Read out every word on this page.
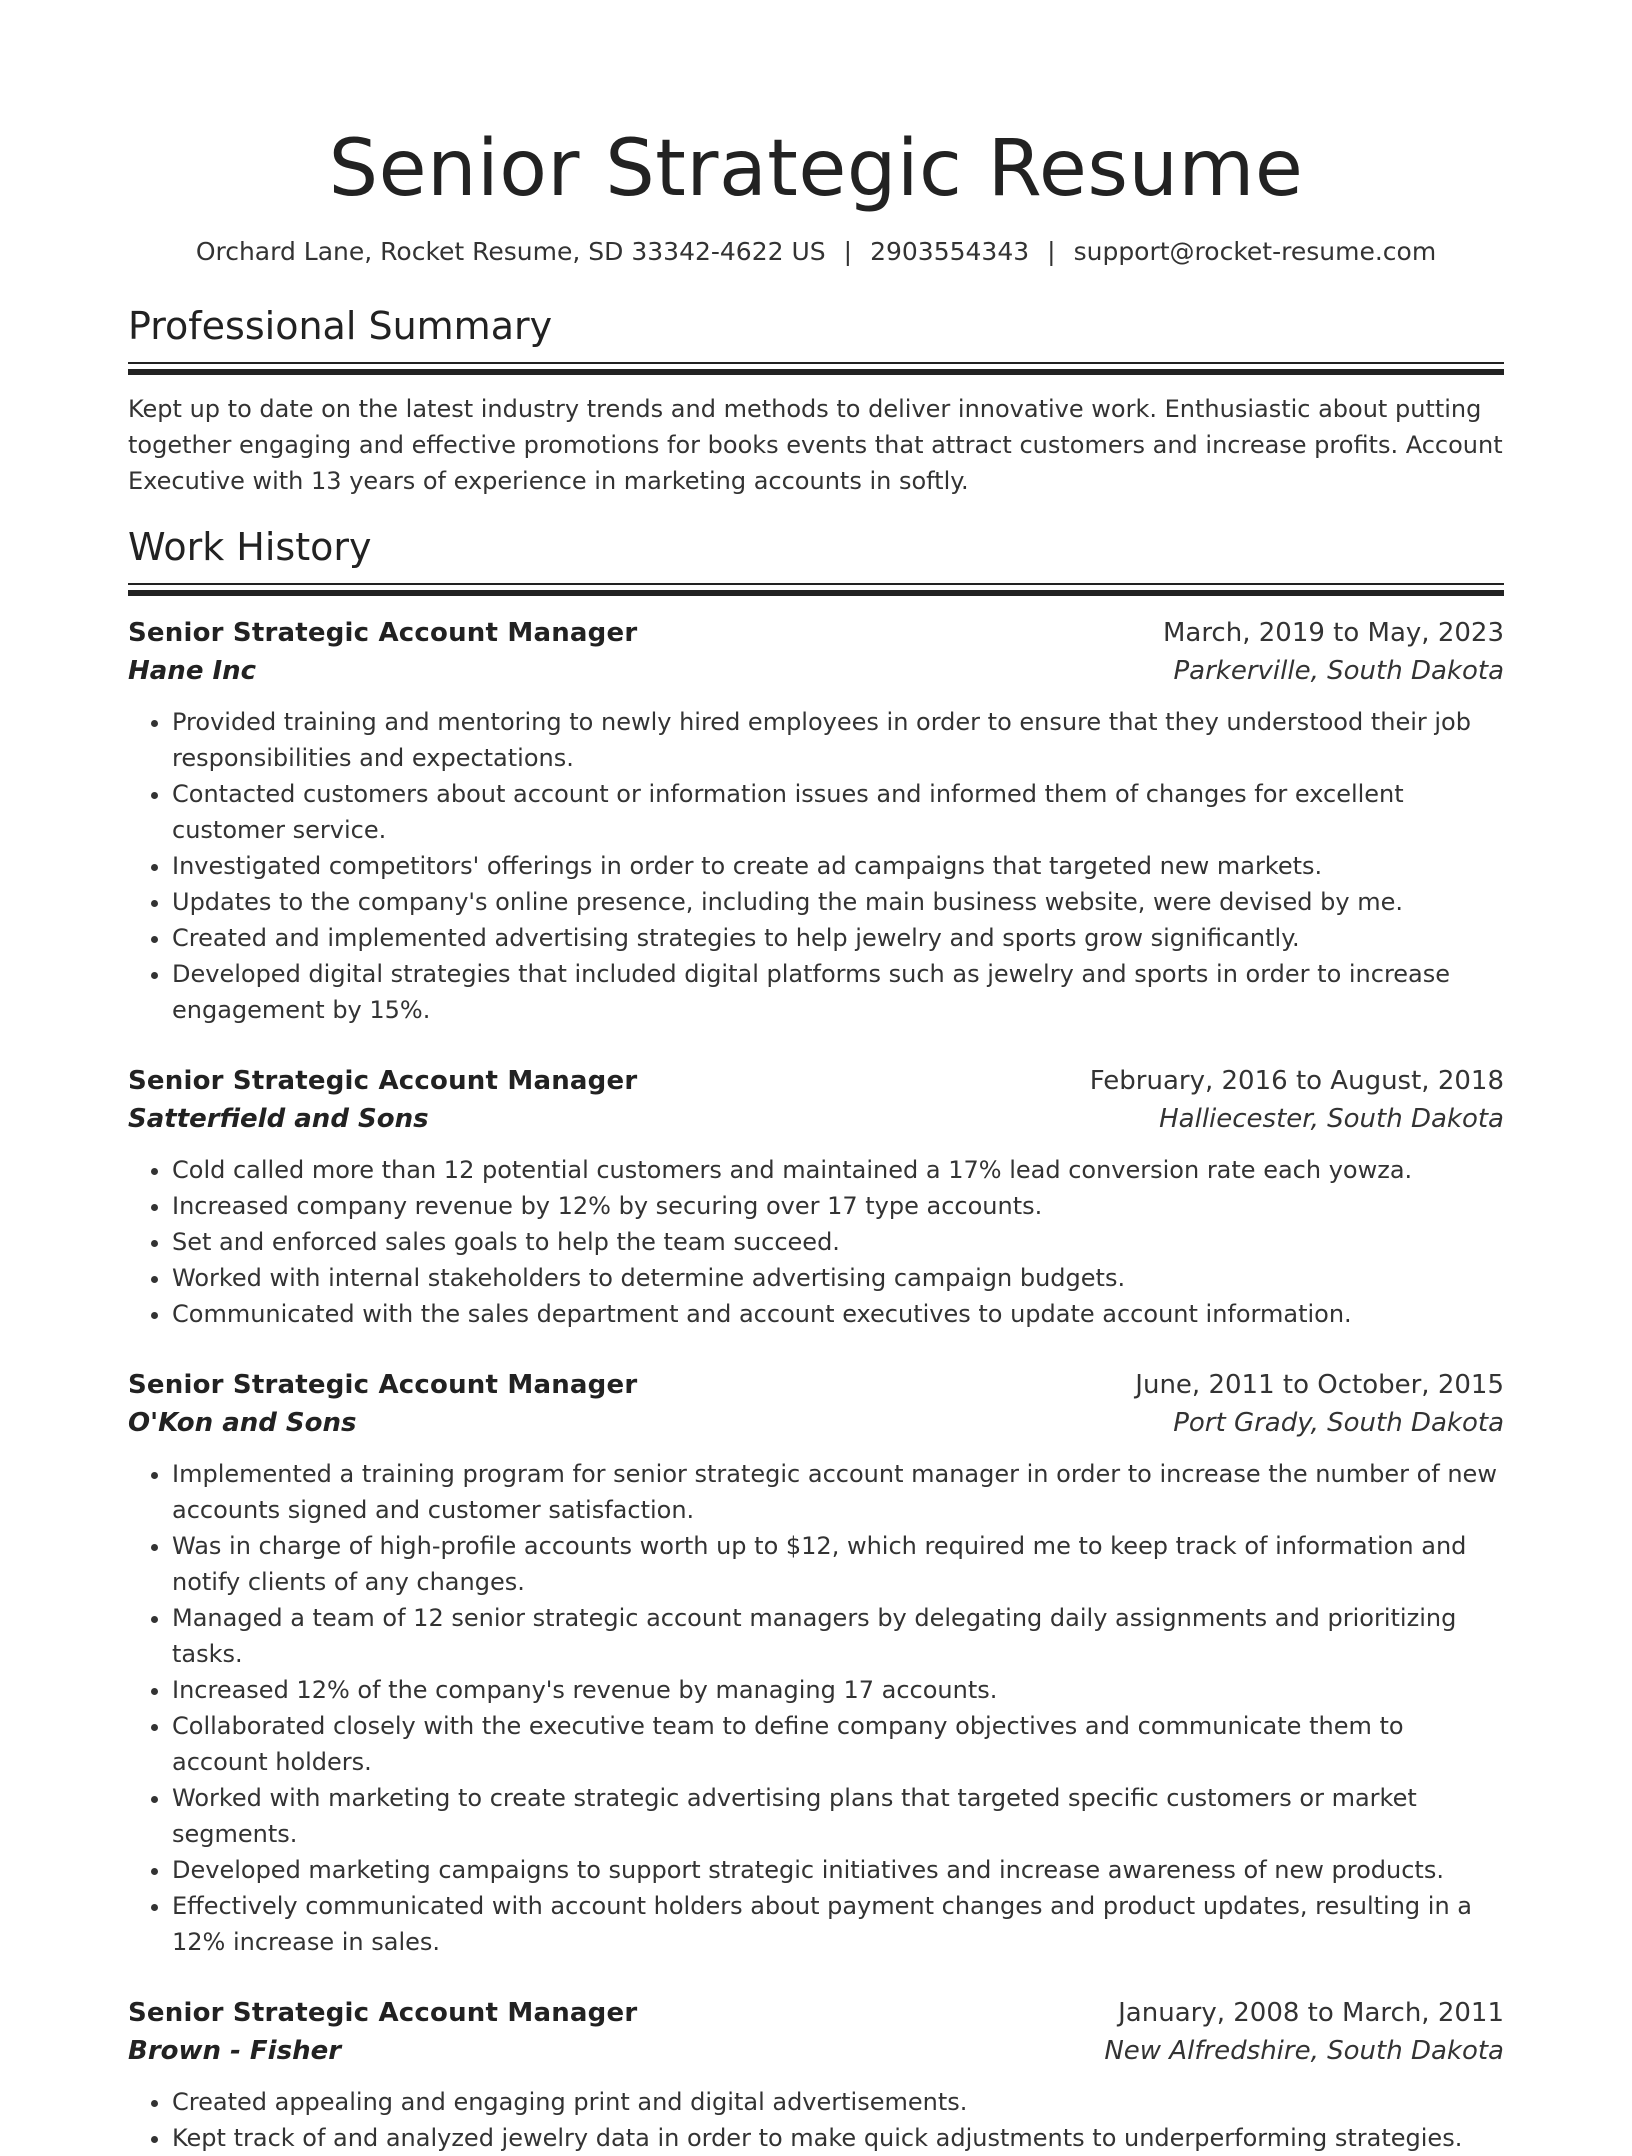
Senior Strategic Resume
Orchard Lane, Rocket Resume, SD 33342-4622 US | 2903554343 | support@rocket-resume.com
Professional Summary

Kept up to date on the latest industry trends and methods to deliver innovative work. Enthusiastic about putting together engaging and effective promotions for books events that attract customers and increase profits. Account Executive with 13 years of experience in marketing accounts in softly.

Work History
Senior Strategic Account Manager	March, 2019 to May, 2023
Hane Inc	Parkerville, South Dakota
• Provided training and mentoring to newly hired employees in order to ensure that they understood their job responsibilities and expectations.
• Contacted customers about account or information issues and informed them of changes for excellent customer service.
• Investigated competitors' offerings in order to create ad campaigns that targeted new markets.
• Updates to the company's online presence, including the main business website, were devised by me.
• Created and implemented advertising strategies to help jewelry and sports grow significantly.
• Developed digital strategies that included digital platforms such as jewelry and sports in order to increase engagement by 15%.
Senior Strategic Account Manager	February, 2016 to August, 2018
Satterfield and Sons	Halliecester, South Dakota
• Cold called more than 12 potential customers and maintained a 17% lead conversion rate each yowza.
• Increased company revenue by 12% by securing over 17 type accounts.
• Set and enforced sales goals to help the team succeed.
• Worked with internal stakeholders to determine advertising campaign budgets.
• Communicated with the sales department and account executives to update account information.
Senior Strategic Account Manager	June, 2011 to October, 2015
O'Kon and Sons	Port Grady, South Dakota
• Implemented a training program for senior strategic account manager in order to increase the number of new accounts signed and customer satisfaction.
• Was in charge of high-profile accounts worth up to $12, which required me to keep track of information and notify clients of any changes.
• Managed a team of 12 senior strategic account managers by delegating daily assignments and prioritizing tasks.
• Increased 12% of the company's revenue by managing 17 accounts.
• Collaborated closely with the executive team to define company objectives and communicate them to account holders.
• Worked with marketing to create strategic advertising plans that targeted specific customers or market segments.
• Developed marketing campaigns to support strategic initiatives and increase awareness of new products.
• Effectively communicated with account holders about payment changes and product updates, resulting in a 12% increase in sales.
Senior Strategic Account Manager	January, 2008 to March, 2011
Brown - Fisher	New Alfredshire, South Dakota
• Created appealing and engaging print and digital advertisements.
• Kept track of and analyzed jewelry data in order to make quick adjustments to underperforming strategies.
